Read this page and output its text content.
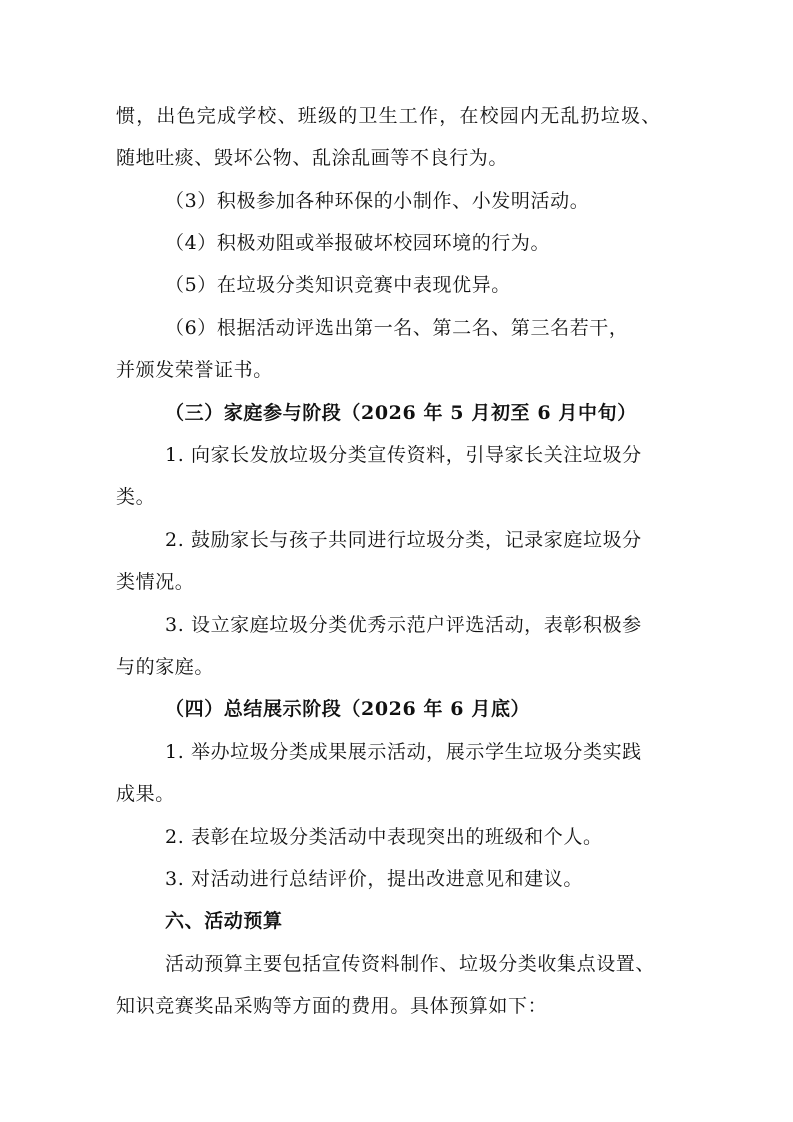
惯，出色完成学校、班级的卫生工作，在校园内无乱扔垃圾、
随地吐痰、毁坏公物、乱涂乱画等不良行为。
（3）积极参加各种环保的小制作、小发明活动。
（4）积极劝阻或举报破坏校园环境的行为。
（5）在垃圾分类知识竞赛中表现优异。
（6）根据活动评选出第一名、第二名、第三名若干，
并颁发荣誉证书。
（三）家庭参与阶段（2026 年 5 月初至 6 月中旬）
1. 向家长发放垃圾分类宣传资料，引导家长关注垃圾分
类。
2. 鼓励家长与孩子共同进行垃圾分类，记录家庭垃圾分
类情况。
3. 设立家庭垃圾分类优秀示范户评选活动，表彰积极参
与的家庭。
（四）总结展示阶段（2026 年 6 月底）
1. 举办垃圾分类成果展示活动，展示学生垃圾分类实践
成果。
2. 表彰在垃圾分类活动中表现突出的班级和个人。
3. 对活动进行总结评价，提出改进意见和建议。
六、活动预算
活动预算主要包括宣传资料制作、垃圾分类收集点设置、
知识竞赛奖品采购等方面的费用。具体预算如下：
